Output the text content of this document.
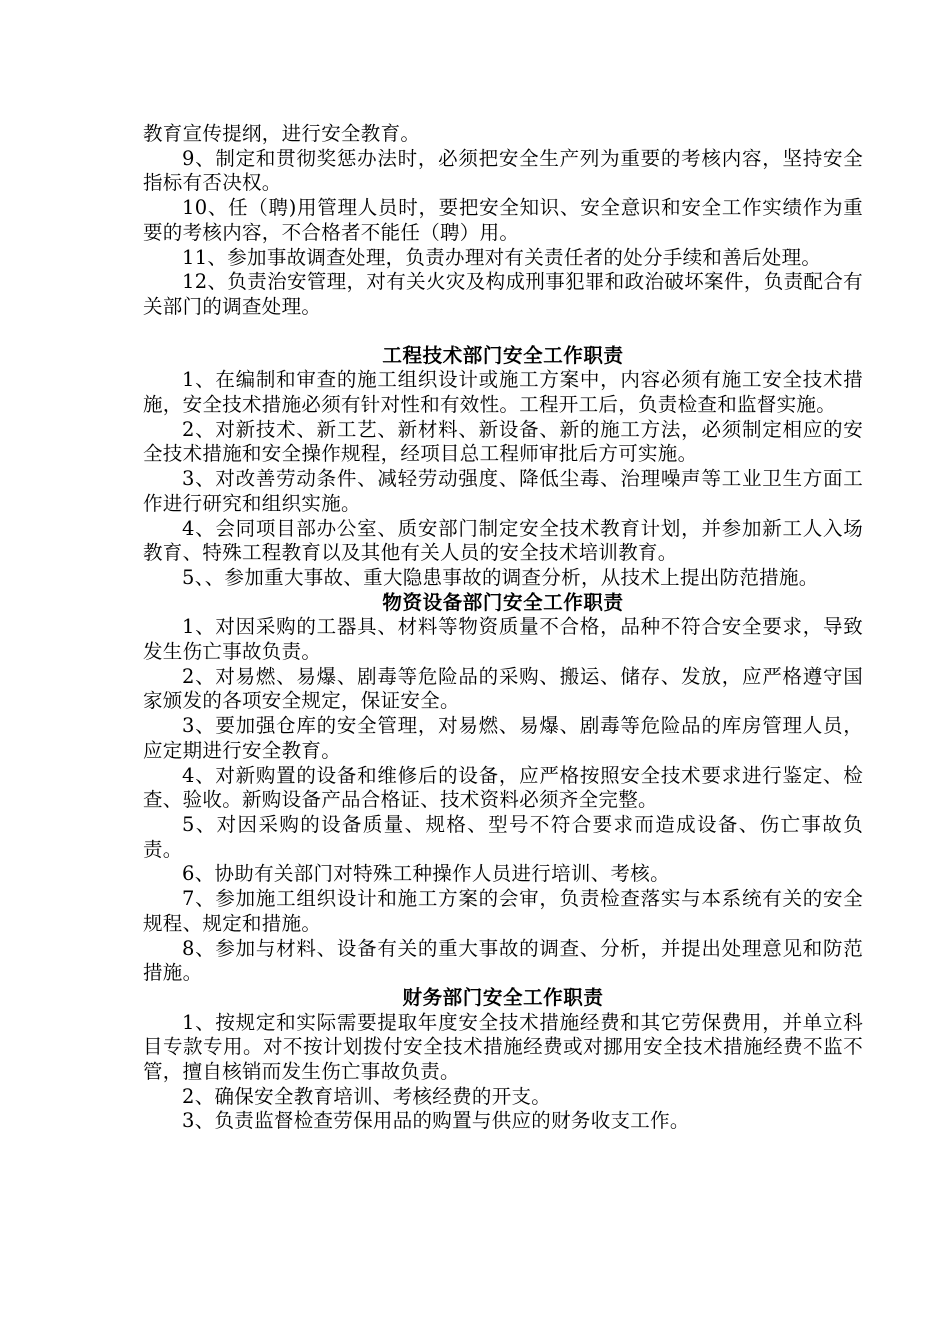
教育宣传提纲，进行安全教育。

9、制定和贯彻奖惩办法时，必须把安全生产列为重要的考核内容，坚持安全指标有否决权。

10、任（聘)用管理人员时，要把安全知识、安全意识和安全工作实绩作为重要的考核内容，不合格者不能任（聘）用。

11、参加事故调查处理，负责办理对有关责任者的处分手续和善后处理。

12、负责治安管理，对有关火灾及构成刑事犯罪和政治破坏案件，负责配合有关部门的调查处理。

工程技术部门安全工作职责

1、在编制和审查的施工组织设计或施工方案中，内容必须有施工安全技术措施，安全技术措施必须有针对性和有效性。工程开工后，负责检查和监督实施。

2、对新技术、新工艺、新材料、新设备、新的施工方法，必须制定相应的安全技术措施和安全操作规程，经项目总工程师审批后方可实施。

3、对改善劳动条件、减轻劳动强度、降低尘毒、治理噪声等工业卫生方面工作进行研究和组织实施。

4、会同项目部办公室、质安部门制定安全技术教育计划，并参加新工人入场教育、特殊工程教育以及其他有关人员的安全技术培训教育。

5、、参加重大事故、重大隐患事故的调查分析，从技术上提出防范措施。

物资设备部门安全工作职责

1、对因采购的工器具、材料等物资质量不合格，品种不符合安全要求，导致发生伤亡事故负责。

2、对易燃、易爆、剧毒等危险品的采购、搬运、储存、发放，应严格遵守国家颁发的各项安全规定，保证安全。

3、要加强仓库的安全管理，对易燃、易爆、剧毒等危险品的库房管理人员，应定期进行安全教育。

4、对新购置的设备和维修后的设备，应严格按照安全技术要求进行鉴定、检查、验收。新购设备产品合格证、技术资料必须齐全完整。

5、对因采购的设备质量、规格、型号不符合要求而造成设备、伤亡事故负责。

6、协助有关部门对特殊工种操作人员进行培训、考核。

7、参加施工组织设计和施工方案的会审，负责检查落实与本系统有关的安全规程、规定和措施。

8、参加与材料、设备有关的重大事故的调查、分析，并提出处理意见和防范措施。

财务部门安全工作职责

1、按规定和实际需要提取年度安全技术措施经费和其它劳保费用，并单立科目专款专用。对不按计划拨付安全技术措施经费或对挪用安全技术措施经费不监不管，擅自核销而发生伤亡事故负责。

2、确保安全教育培训、考核经费的开支。

3、负责监督检查劳保用品的购置与供应的财务收支工作。
